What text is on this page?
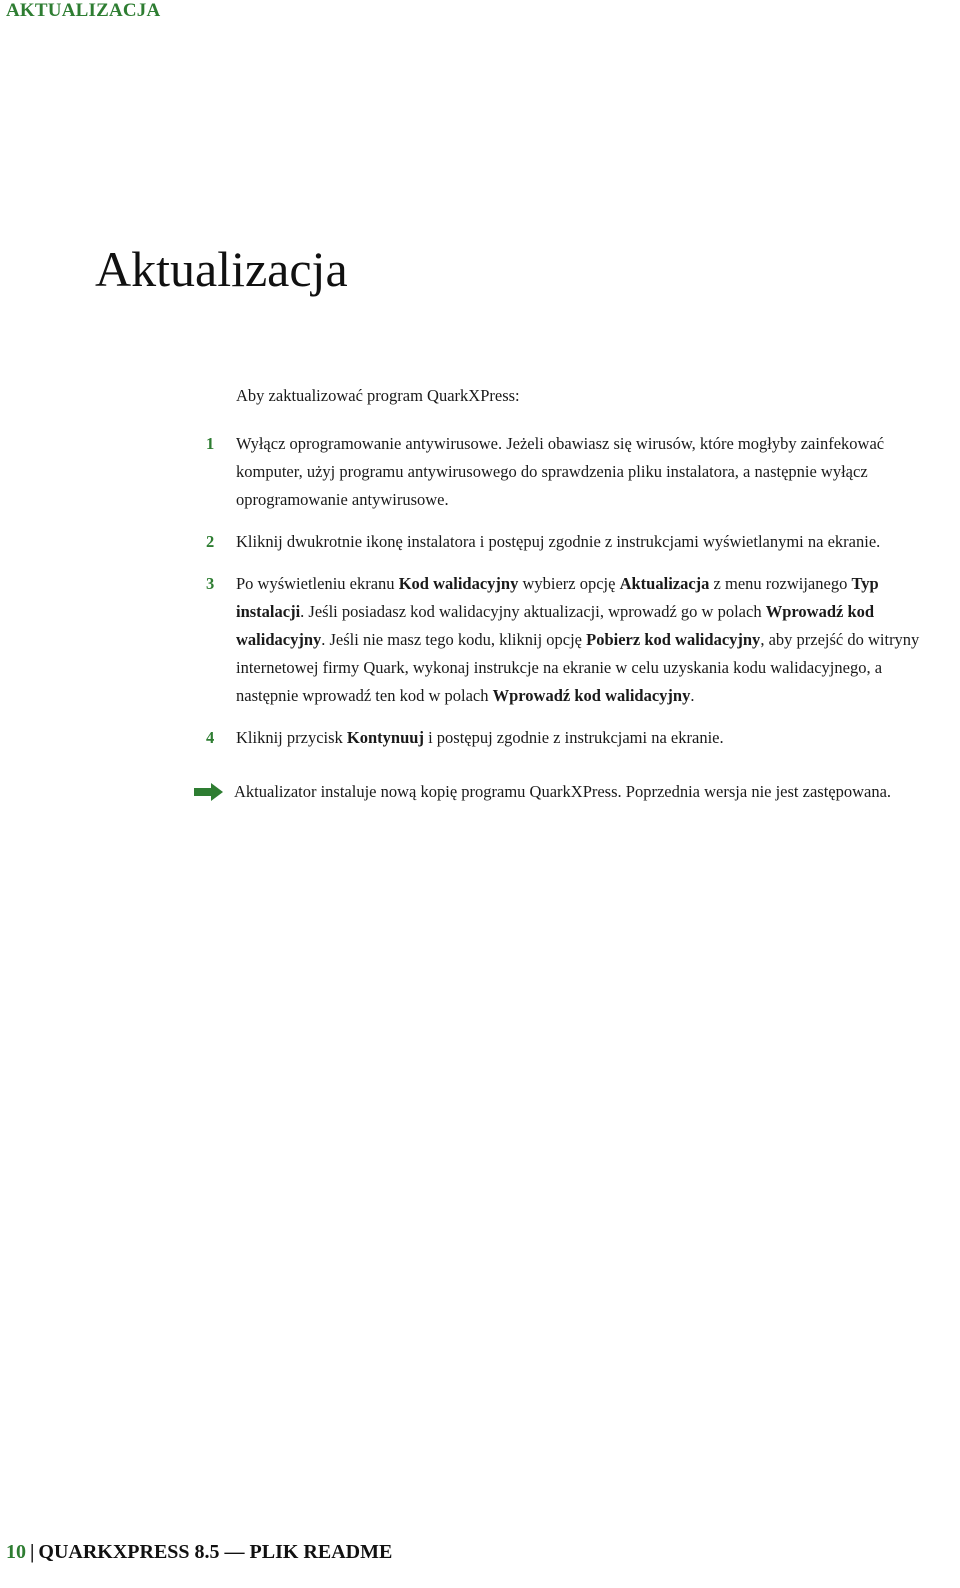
AKTUALIZACJA
Aktualizacja

Aby zaktualizować program QuarkXPress:

1	Wyłącz oprogramowanie antywirusowe. Jeżeli obawiasz się wirusów, które mogłyby zainfekować komputer, użyj programu antywirusowego do sprawdzenia pliku instalatora, a następnie wyłącz oprogramowanie antywirusowe.
2	Kliknij dwukrotnie ikonę instalatora i postępuj zgodnie z instrukcjami wyświetlanymi na ekranie.
3	Po wyświetleniu ekranu Kod walidacyjny wybierz opcję Aktualizacja z menu rozwijanego Typ instalacji. Jeśli posiadasz kod walidacyjny aktualizacji, wprowadź go w polach Wprowadź kod walidacyjny. Jeśli nie masz tego kodu, kliknij opcję Pobierz kod walidacyjny, aby przejść do witryny internetowej firmy Quark, wykonaj instrukcje na ekranie w celu uzyskania kodu walidacyjnego, a następnie wprowadź ten kod w polach Wprowadź kod walidacyjny.
4	Kliknij przycisk Kontynuuj i postępuj zgodnie z instrukcjami na ekranie.
Aktualizator instaluje nową kopię programu QuarkXPress. Poprzednia wersja nie jest zastępowana.
10 | QUARKXPRESS 8.5 — PLIK README
